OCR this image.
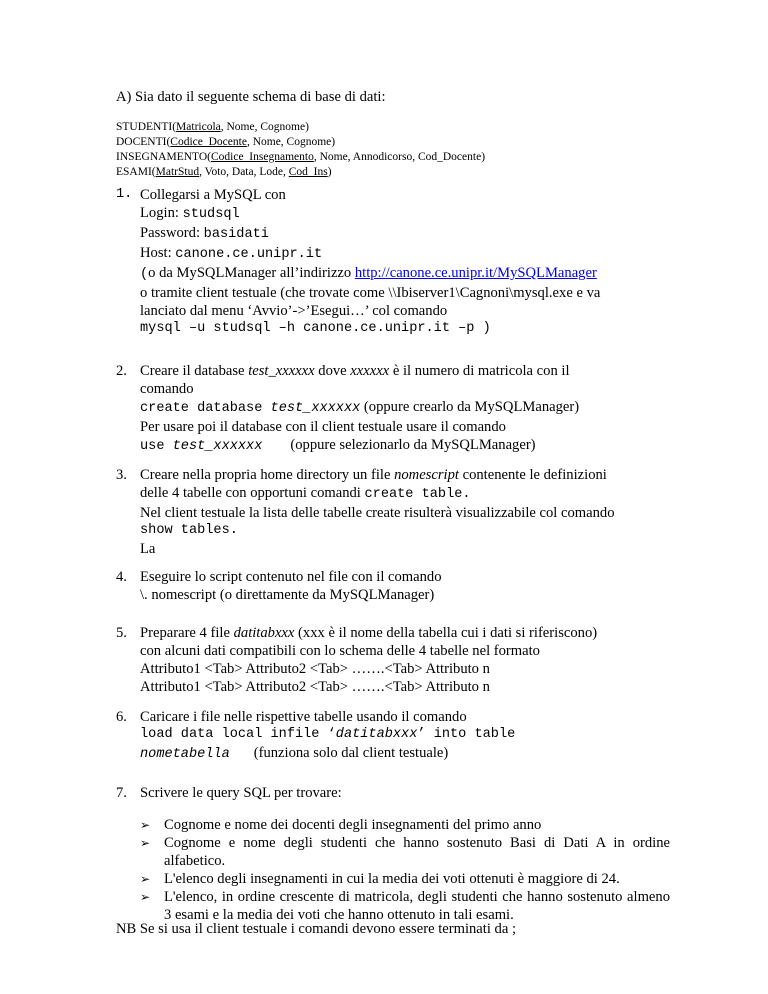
A) Sia dato il seguente schema di base di dati:
STUDENTI(Matricola, Nome, Cognome)
DOCENTI(Codice_Docente, Nome, Cognome)
INSEGNAMENTO(Codice_Insegnamento, Nome, Annodicorso, Cod_Docente)
ESAMI(MatrStud, Voto, Data, Lode, Cod_Ins)
1. Collegarsi a MySQL con
Login: studsql
Password: basidati
Host: canone.ce.unipr.it
(o da MySQLManager all’indirizzo http://canone.ce.unipr.it/MySQLManager
o tramite client testuale (che trovate come \\Ibiserver1\Cagnoni\mysql.exe e va
lanciato dal menu ‘Avvio’->’Esegui…’ col comando
mysql –u studsql –h canone.ce.unipr.it –p )
2. Creare il database test_xxxxxx dove xxxxxx è il numero di matricola con il
comando
create database test_xxxxxx (oppure crearlo da MySQLManager)
Per usare poi il database con il client testuale usare il comando
use test_xxxxxx (oppure selezionarlo da MySQLManager)
3. Creare nella propria home directory un file nomescript contenente le definizioni
delle 4 tabelle con opportuni comandi create table.
Nel client testuale la lista delle tabelle create risulterà visualizzabile col comando
show tables.
La
4. Eseguire lo script contenuto nel file con il comando
\. nomescript (o direttamente da MySQLManager)
5. Preparare 4 file datitabxxx (xxx è il nome della tabella cui i dati si riferiscono)
con alcuni dati compatibili con lo schema delle 4 tabelle nel formato
Attributo1 <Tab> Attributo2 <Tab> …….<Tab> Attributo n
Attributo1 <Tab> Attributo2 <Tab> …….<Tab> Attributo n
6. Caricare i file nelle rispettive tabelle usando il comando
load data local infile ‘datitabxxx’ into table
nometabella (funziona solo dal client testuale)
7. Scrivere le query SQL per trovare:
➢ Cognome e nome dei docenti degli insegnamenti del primo anno
➢ Cognome e nome degli studenti che hanno sostenuto Basi di Dati A in ordine alfabetico.
➢ L'elenco degli insegnamenti in cui la media dei voti ottenuti è maggiore di 24.
➢ L'elenco, in ordine crescente di matricola, degli studenti che hanno sostenuto almeno 3 esami e la media dei voti che hanno ottenuto in tali esami.
NB Se si usa il client testuale i comandi devono essere terminati da ;
